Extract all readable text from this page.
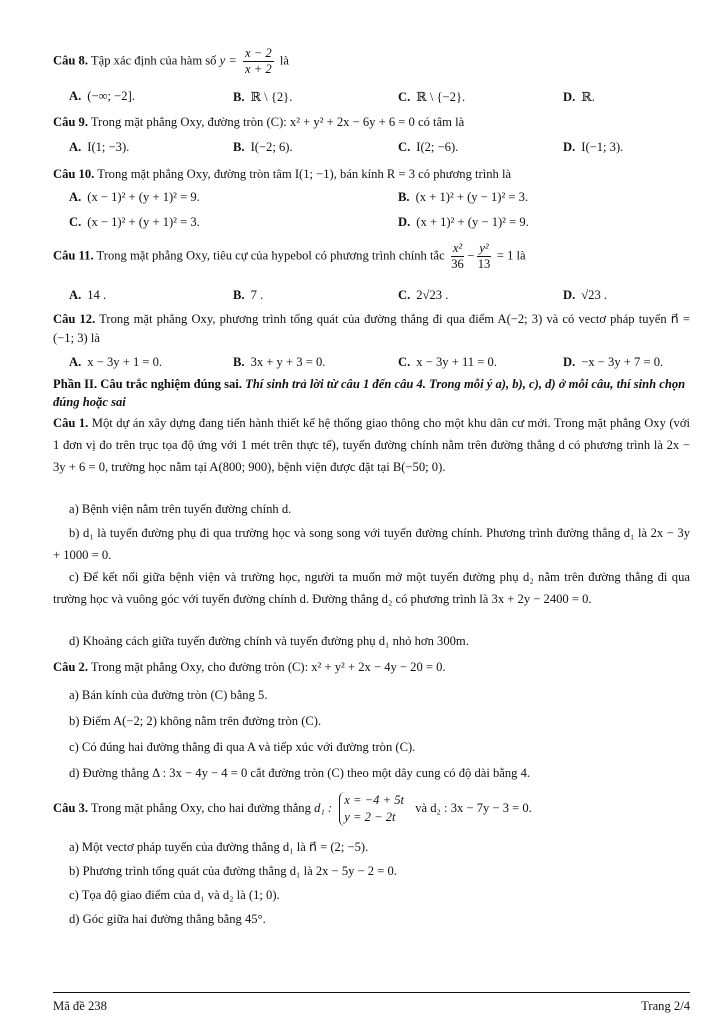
Câu 8. Tập xác định của hàm số $y = \frac{x - 2}{x + 2}$ là
A. (−∞; −2].	B. ℝ \ {2}.	C. ℝ \ {−2}.	D. ℝ.
Câu 9. Trong mặt phẳng Oxy, đường tròn (C): x² + y² + 2x − 6y + 6 = 0 có tâm là
A. I(1; −3).	B. I(−2; 6).	C. I(2; −6).	D. I(−1; 3).
Câu 10. Trong mặt phẳng Oxy, đường tròn tâm I(1; −1), bán kính R = 3 có phương trình là
A. (x − 1)² + (y + 1)² = 9.	B. (x + 1)² + (y − 1)² = 3.
C. (x − 1)² + (y + 1)² = 3.	D. (x + 1)² + (y − 1)² = 9.
Câu 11. Trong mặt phẳng Oxy, tiêu cự của hypebol có phương trình chính tắc $\frac{\text{x²}}{36} - \frac{\text{y²}}{13} = 1$ là
A. 14 .	B. 7 .	C. 2√23 .	D. √23 .
Câu 12. Trong mặt phẳng Oxy, phương trình tổng quát của đường thẳng đi qua điểm A(−2; 3) và có vectơ pháp tuyến n⃗ = (−1; 3) là
A. x − 3y + 1 = 0.	B. 3x + y + 3 = 0.	C. x − 3y + 11 = 0.	D. −x − 3y + 7 = 0.
Phần II. Câu trắc nghiệm đúng sai. Thí sinh trả lời từ câu 1 đến câu 4. Trong mỗi ý a), b), c), d) ở mỗi câu, thí sinh chọn đúng hoặc sai
Câu 1. Một dự án xây dựng đang tiến hành thiết kế hệ thống giao thông cho một khu dân cư mới. Trong mặt phẳng Oxy (với 1 đơn vị đo trên trục tọa độ ứng với 1 mét trên thực tế), tuyến đường chính nằm trên đường thẳng d có phương trình là 2x − 3y + 6 = 0, trường học nằm tại A(800; 900), bệnh viện được đặt tại B(−50; 0).
a) Bệnh viện nằm trên tuyến đường chính d.
b) d₁ là tuyến đường phụ đi qua trường học và song song với tuyến đường chính. Phương trình đường thẳng d₁ là 2x − 3y + 1000 = 0.
c) Để kết nối giữa bệnh viện và trường học, người ta muốn mở một tuyến đường phụ d₂ nằm trên đường thẳng đi qua trường học và vuông góc với tuyến đường chính d. Đường thẳng d₂ có phương trình là 3x + 2y − 2400 = 0.
d) Khoảng cách giữa tuyến đường chính và tuyến đường phụ d₁ nhỏ hơn 300m.
Câu 2. Trong mặt phẳng Oxy, cho đường tròn (C): x² + y² + 2x − 4y − 20 = 0.
a) Bán kính của đường tròn (C) bằng 5.
b) Điểm A(−2; 2) không nằm trên đường tròn (C).
c) Có đúng hai đường thẳng đi qua A và tiếp xúc với đường tròn (C).
d) Đường thẳng Δ : 3x − 4y − 4 = 0 cắt đường tròn (C) theo một dây cung có độ dài bằng 4.
Câu 3. Trong mặt phẳng Oxy, cho hai đường thẳng d₁ :
x = −4 + 5t
y = 2 − 2t
và d₂ : 3x − 7y − 3 = 0.
a) Một vectơ pháp tuyến của đường thẳng d₁ là n⃗ = (2; −5).
b) Phương trình tổng quát của đường thẳng d₁ là 2x − 5y − 2 = 0.
c) Tọa độ giao điểm của d₁ và d₂ là (1; 0).
d) Góc giữa hai đường thẳng bằng 45°.
Mã đề 238	Trang 2/4
